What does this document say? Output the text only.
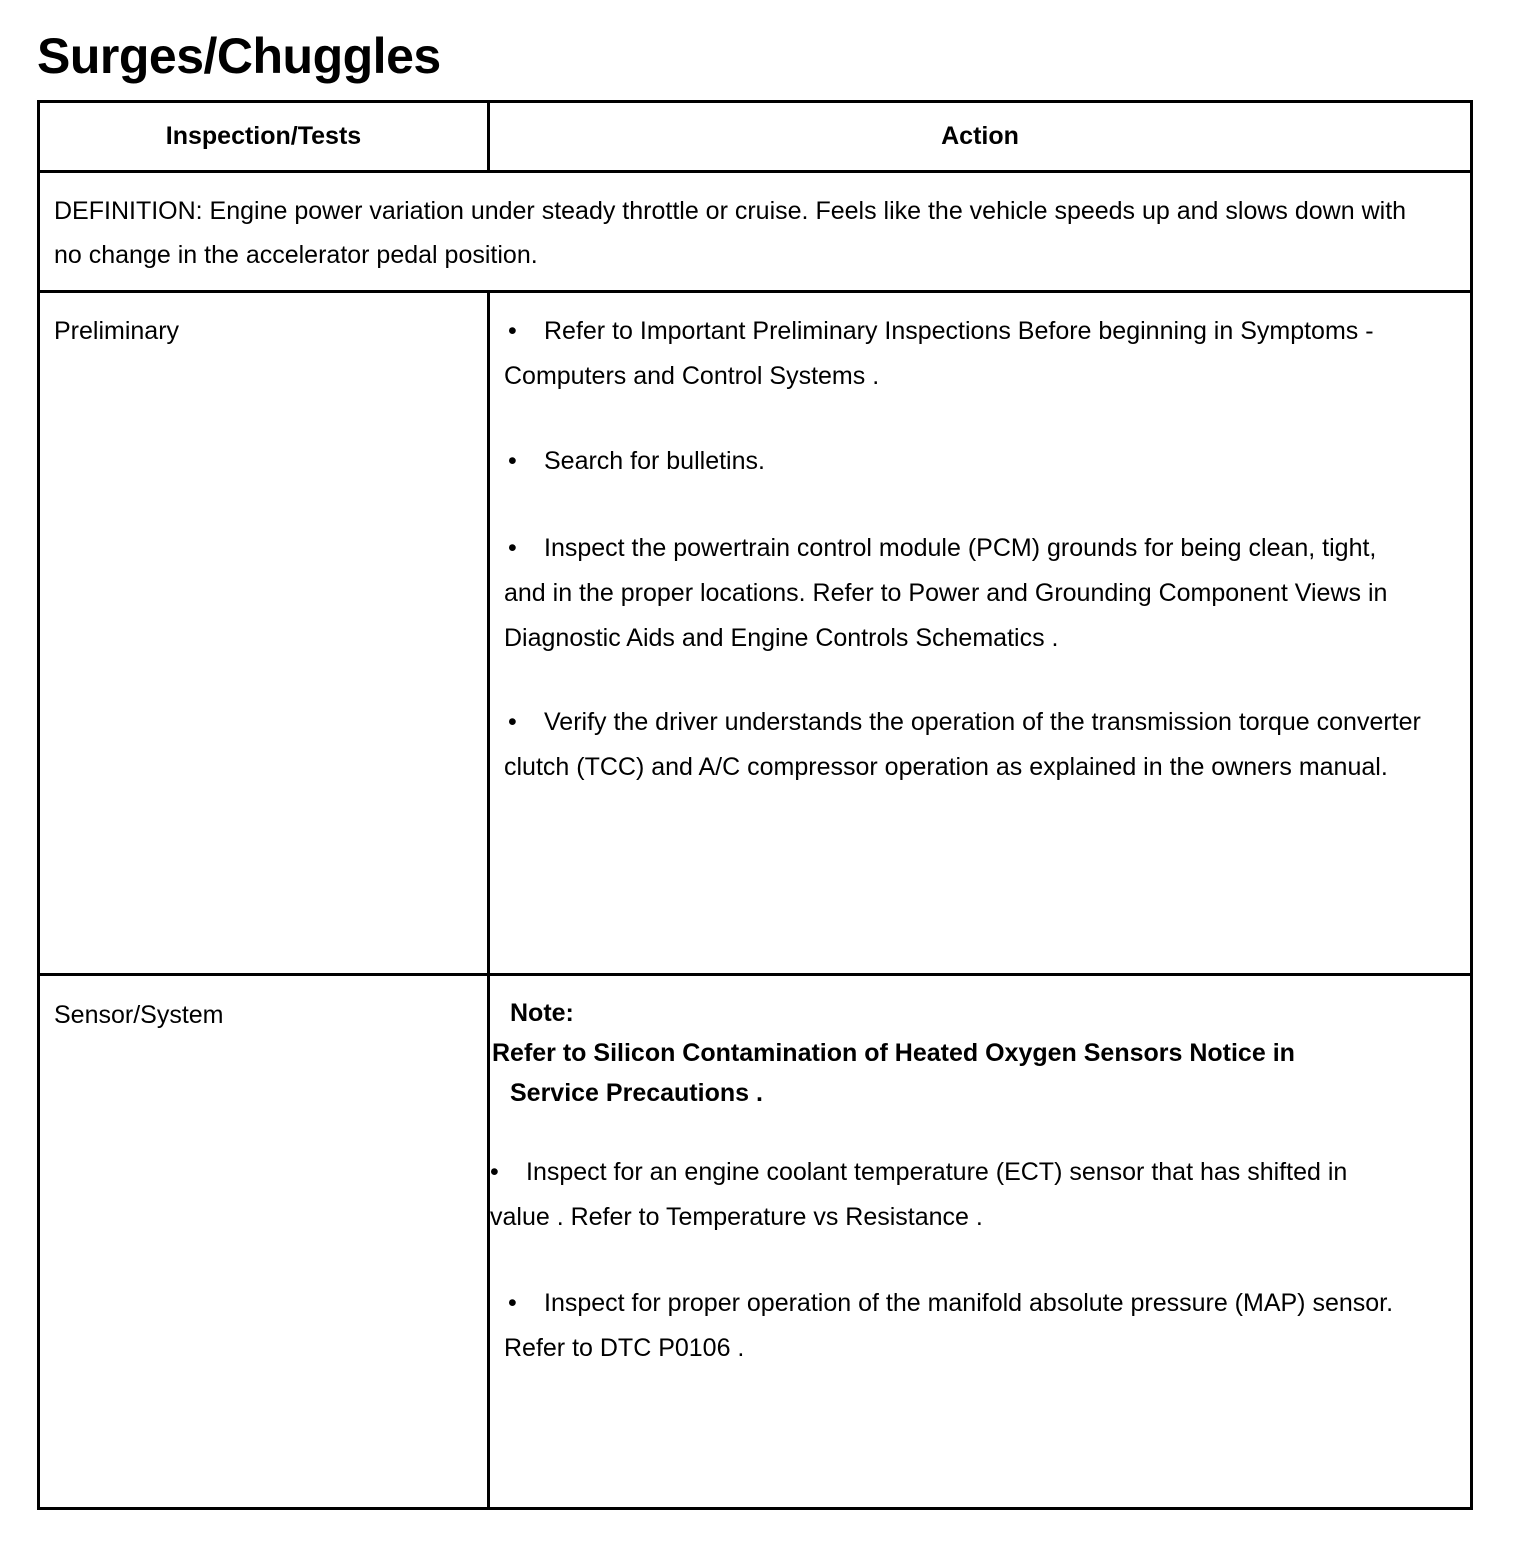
Surges/Chuggles
Inspection/Tests	Action

DEFINITION: Engine power variation under steady throttle or cruise. Feels like the vehicle speeds up and slows down with no change in the accelerator pedal position.

Preliminary	• Refer to Important Preliminary Inspections Before beginning in Symptoms - Computers and Control Systems .

• Search for bulletins.

• Inspect the powertrain control module (PCM) grounds for being clean, tight, and in the proper locations. Refer to Power and Grounding Component Views in Diagnostic Aids and Engine Controls Schematics .

• Verify the driver understands the operation of the transmission torque converter clutch (TCC) and A/C compressor operation as explained in the owners manual.

Sensor/System	Note:

Refer to Silicon Contamination of Heated Oxygen Sensors Notice in
Service Precautions .

• Inspect for an engine coolant temperature (ECT) sensor that has shifted in value . Refer to Temperature vs Resistance .

• Inspect for proper operation of the manifold absolute pressure (MAP) sensor. Refer to DTC P0106 .
